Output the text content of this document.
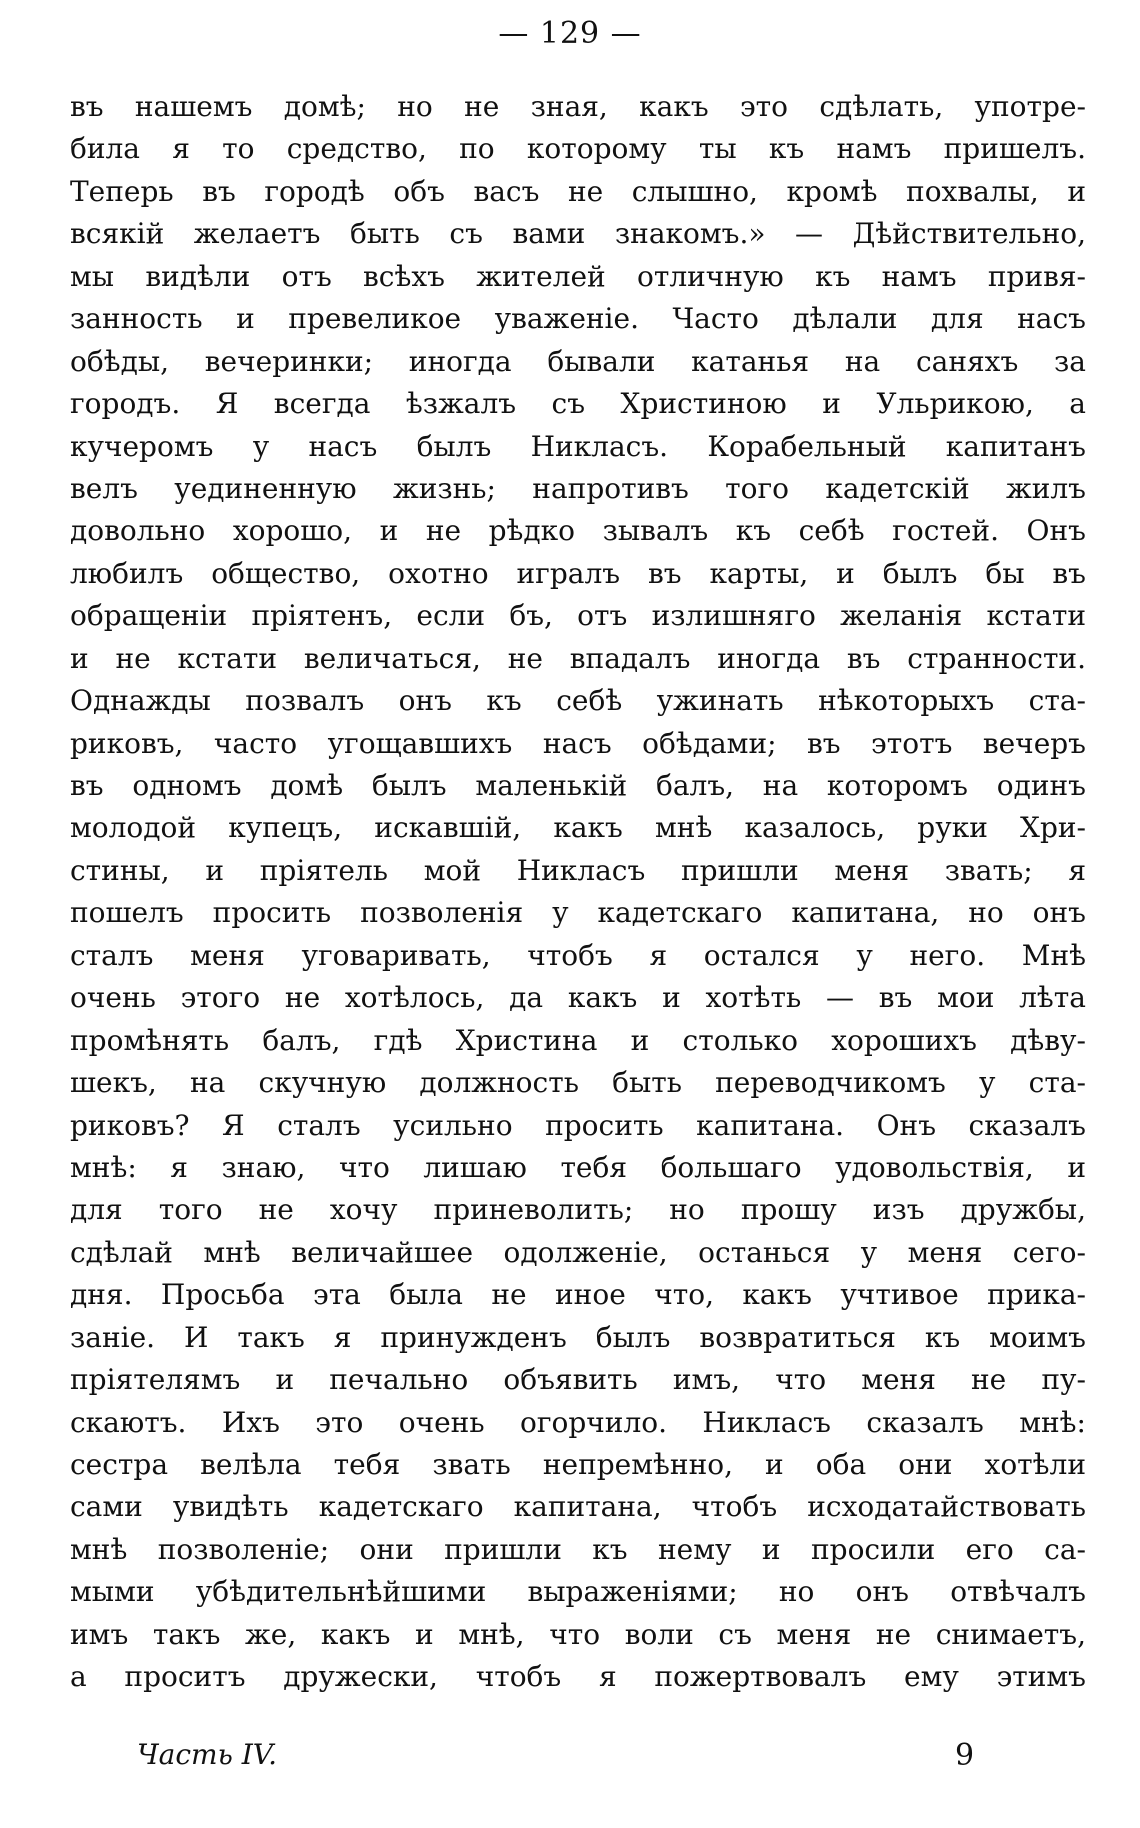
— 129 —
въ нашемъ домѣ; но не зная, какъ это сдѣлать, употре-
била я то средство, по которому ты къ намъ пришелъ.
Теперь въ городѣ объ васъ не слышно, кромѣ похвалы, и
всякій желаетъ быть съ вами знакомъ.» — Дѣйствительно,
мы видѣли отъ всѣхъ жителей отличную къ намъ привя-
занность и превеликое уваженіе. Часто дѣлали для насъ
обѣды, вечеринки; иногда бывали катанья на саняхъ за
городъ. Я всегда ѣзжалъ съ Христиною и Ульрикою, а
кучеромъ у насъ былъ Никласъ. Корабельный капитанъ
велъ уединенную жизнь; напротивъ того кадетскій жилъ
довольно хорошо, и не рѣдко зывалъ къ себѣ гостей. Онъ
любилъ общество, охотно игралъ въ карты, и былъ бы въ
обращеніи пріятенъ, если бъ, отъ излишняго желанія кстати
и не кстати величаться, не впадалъ иногда въ странности.
Однажды позвалъ онъ къ себѣ ужинать нѣкоторыхъ ста-
риковъ, часто угощавшихъ насъ обѣдами; въ этотъ вечеръ
въ одномъ домѣ былъ маленькій балъ, на которомъ одинъ
молодой купецъ, искавшій, какъ мнѣ казалось, руки Хри-
стины, и пріятель мой Никласъ пришли меня звать; я
пошелъ просить позволенія у кадетскаго капитана, но онъ
сталъ меня уговаривать, чтобъ я остался у него. Мнѣ
очень этого не хотѣлось, да какъ и хотѣть — въ мои лѣта
промѣнять балъ, гдѣ Христина и столько хорошихъ дѣву-
шекъ, на скучную должность быть переводчикомъ у ста-
риковъ? Я сталъ усильно просить капитана. Онъ сказалъ
мнѣ: я знаю, что лишаю тебя большаго удовольствія, и
для того не хочу приневолить; но прошу изъ дружбы,
сдѣлай мнѣ величайшее одолженіе, останься у меня сего-
дня. Просьба эта была не иное что, какъ учтивое прика-
заніе. И такъ я принужденъ былъ возвратиться къ моимъ
пріятелямъ и печально объявить имъ, что меня не пу-
скаютъ. Ихъ это очень огорчило. Никласъ сказалъ мнѣ:
сестра велѣла тебя звать непремѣнно, и оба они хотѣли
сами увидѣть кадетскаго капитана, чтобъ исходатайствовать
мнѣ позволеніе; они пришли къ нему и просили его са-
мыми убѣдительнѣйшими выраженіями; но онъ отвѣчалъ
имъ такъ же, какъ и мнѣ, что воли съ меня не снимаетъ,
а проситъ дружески, чтобъ я пожертвовалъ ему этимъ
Часть IV.	9
